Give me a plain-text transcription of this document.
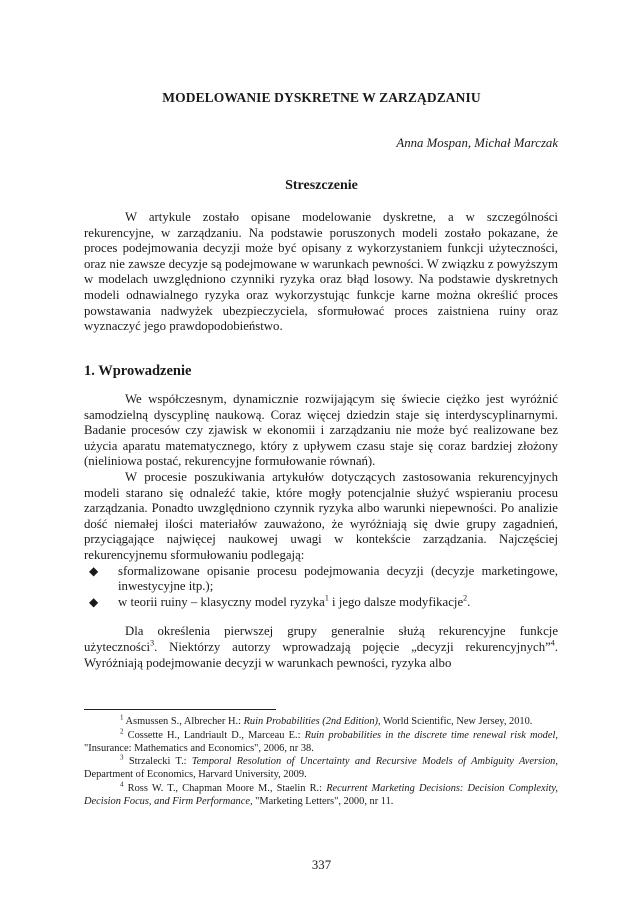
MODELOWANIE DYSKRETNE W ZARZĄDZANIU
Anna Mospan, Michał Marczak
Streszczenie

W artykule zostało opisane modelowanie dyskretne, a w szczególności rekurencyjne, w zarządzaniu. Na podstawie poruszonych modeli zostało pokazane, że proces podejmowania decyzji może być opisany z wykorzystaniem funkcji użyteczności, oraz nie zawsze decyzje są podejmowane w warunkach pewności. W związku z powyższym w modelach uwzględniono czynniki ryzyka oraz błąd losowy. Na podstawie dyskretnych modeli odnawialnego ryzyka oraz wykorzystując funkcje karne można określić proces powstawania nadwyżek ubezpieczyciela, sformułować proces zaistniena ruiny oraz wyznaczyć jego prawdopodobieństwo.

1. Wprowadzenie

We współczesnym, dynamicznie rozwijającym się świecie ciężko jest wyróżnić samodzielną dyscyplinę naukową. Coraz więcej dziedzin staje się interdyscyplinarnymi. Badanie procesów czy zjawisk w ekonomii i zarządzaniu nie może być realizowane bez użycia aparatu matematycznego, który z upływem czasu staje się coraz bardziej złożony (nieliniowa postać, rekurencyjne formułowanie równań).

W procesie poszukiwania artykułów dotyczących zastosowania rekurencyjnych modeli starano się odnaleźć takie, które mogły potencjalnie służyć wspieraniu procesu zarządzania. Ponadto uwzględniono czynnik ryzyka albo warunki niepewności. Po analizie dość niemałej ilości materiałów zauważono, że wyróżniają się dwie grupy zagadnień, przyciągające najwięcej naukowej uwagi w kontekście zarządzania. Najczęściej rekurencyjnemu sformułowaniu podlegają:

◆ sformalizowane opisanie procesu podejmowania decyzji (decyzje marketingowe, inwestycyjne itp.);
◆ w teorii ruiny – klasyczny model ryzyka$^1$ i jego dalsze modyfikacje$^2$.

Dla określenia pierwszej grupy generalnie służą rekurencyjne funkcje użyteczności$^3$. Niektórzy autorzy wprowadzają pojęcie „decyzji rekurencyjnych”$^4$. Wyróżniają podejmowanie decyzji w warunkach pewności, ryzyka albo

$^1$ Asmussen S., Albrecher H.: Ruin Probabilities (2nd Edition), World Scientific, New Jersey, 2010.

$^2$ Cossette H., Landriault D., Marceau E.: Ruin probabilities in the discrete time renewal risk model, "Insurance: Mathematics and Economics", 2006, nr 38.

$^3$ Strzalecki T.: Temporal Resolution of Uncertainty and Recursive Models of Ambiguity Aversion, Department of Economics, Harvard University, 2009.

$^4$ Ross W. T., Chapman Moore M., Staelin R.: Recurrent Marketing Decisions: Decision Complexity, Decision Focus, and Firm Performance, "Marketing Letters", 2000, nr 11.

337
